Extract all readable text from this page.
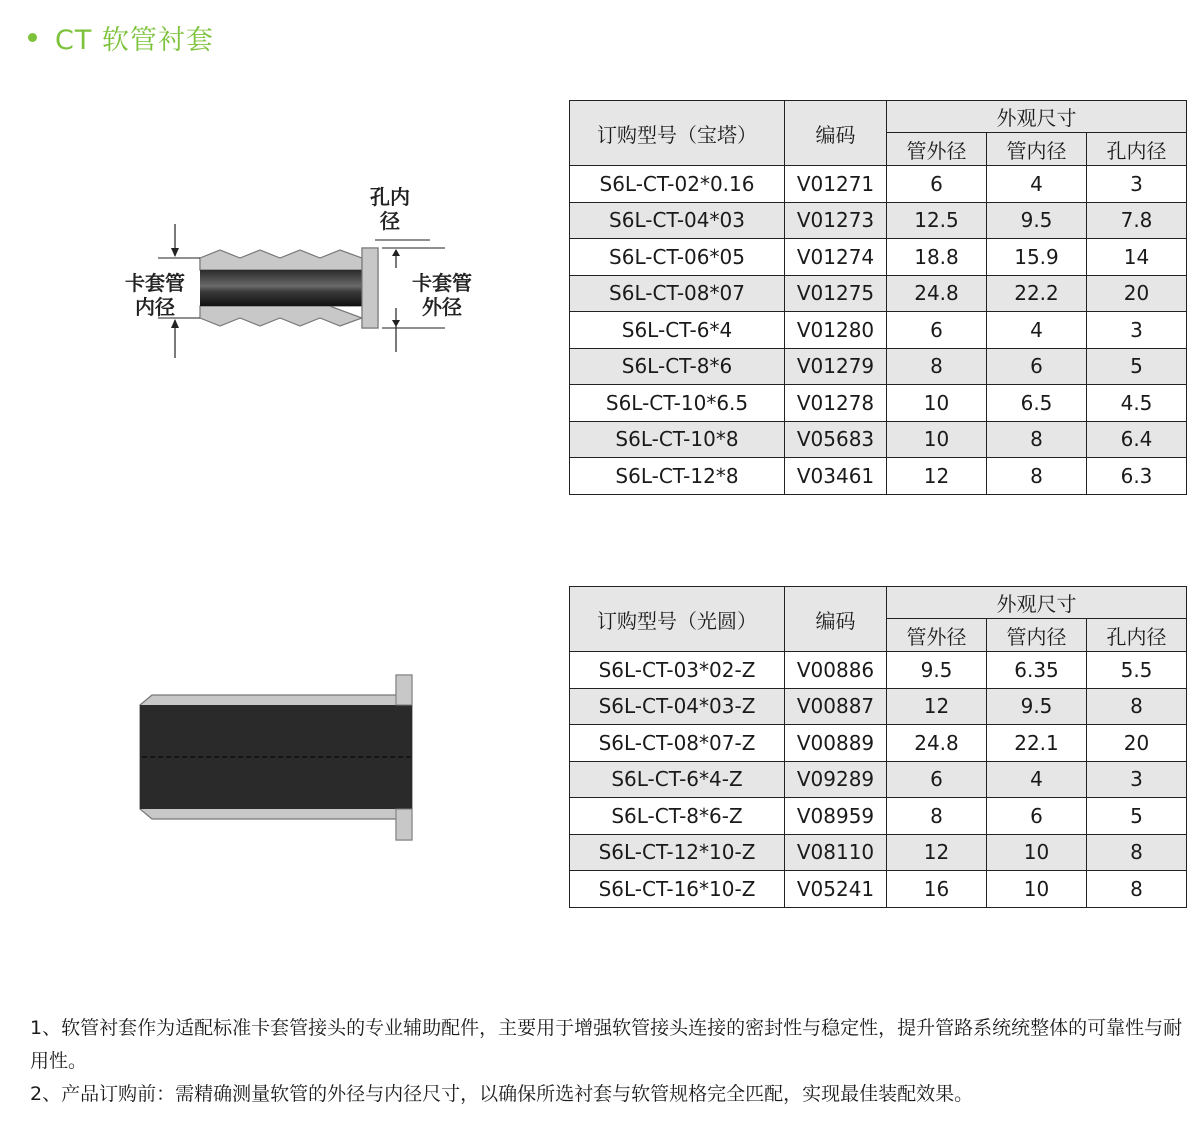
CT 软管衬套
孔内
径
卡套管
内径
卡套管
外径
订购型号（宝塔）	编码	外观尺寸		
		管外径	管内径	孔内径
S6L-CT-02*0.16	V01271	6	4	3
S6L-CT-04*03	V01273	12.5	9.5	7.8
S6L-CT-06*05	V01274	18.8	15.9	14
S6L-CT-08*07	V01275	24.8	22.2	20
S6L-CT-6*4	V01280	6	4	3
S6L-CT-8*6	V01279	8	6	5
S6L-CT-10*6.5	V01278	10	6.5	4.5
S6L-CT-10*8	V05683	10	8	6.4
S6L-CT-12*8	V03461	12	8	6.3
订购型号（光圆）	编码	外观尺寸		
		管外径	管内径	孔内径
S6L-CT-03*02-Z	V00886	9.5	6.35	5.5
S6L-CT-04*03-Z	V00887	12	9.5	8
S6L-CT-08*07-Z	V00889	24.8	22.1	20
S6L-CT-6*4-Z	V09289	6	4	3
S6L-CT-8*6-Z	V08959	8	6	5
S6L-CT-12*10-Z	V08110	12	10	8
S6L-CT-16*10-Z	V05241	16	10	8

1、软管衬套作为适配标准卡套管接头的专业辅助配件，主要用于增强软管接头连接的密封性与稳定性，提升管路系统统整体的可靠性与耐用性。

2、产品订购前：需精确测量软管的外径与内径尺寸，以确保所选衬套与软管规格完全匹配，实现最佳装配效果。
